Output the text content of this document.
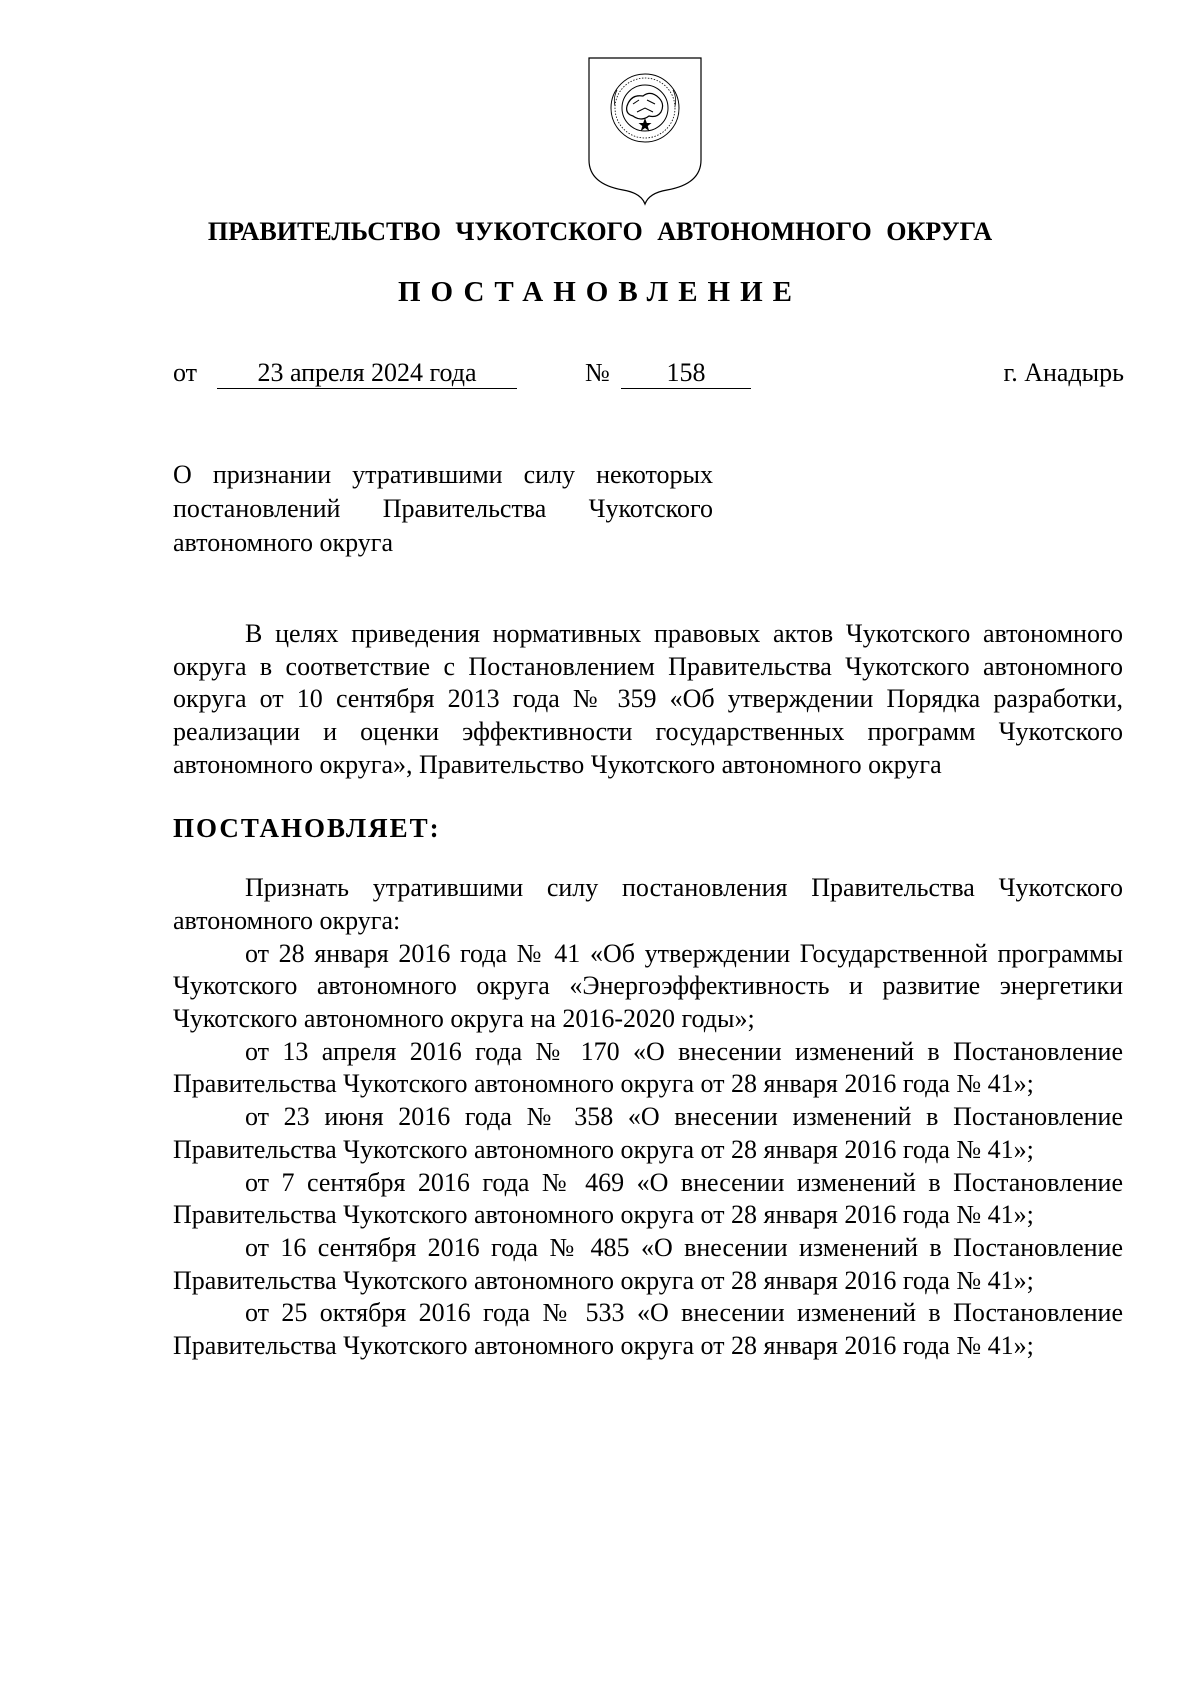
ПРАВИТЕЛЬСТВО ЧУКОТСКОГО АВТОНОМНОГО ОКРУГА
ПОСТАНОВЛЕНИЕ
от	23 апреля 2024 года	№	158	г. Анадырь
О признании утратившими силу некоторых
постановлений Правительства Чукотского
автономного округа

В целях приведения нормативных правовых актов Чукотского автономного округа в соответствие с Постановлением Правительства Чукотского автономного округа от 10 сентября 2013 года № 359 «Об утверждении Порядка разработки, реализации и оценки эффективности государственных программ Чукотского автономного округа», Правительство Чукотского автономного округа

ПОСТАНОВЛЯЕТ:

Признать утратившими силу постановления Правительства Чукотского автономного округа:

от 28 января 2016 года № 41 «Об утверждении Государственной программы Чукотского автономного округа «Энергоэффективность и развитие энергетики Чукотского автономного округа на 2016-2020 годы»;

от 13 апреля 2016 года № 170 «О внесении изменений в Постановление Правительства Чукотского автономного округа от 28 января 2016 года № 41»;

от 23 июня 2016 года № 358 «О внесении изменений в Постановление Правительства Чукотского автономного округа от 28 января 2016 года № 41»;

от 7 сентября 2016 года № 469 «О внесении изменений в Постановление Правительства Чукотского автономного округа от 28 января 2016 года № 41»;

от 16 сентября 2016 года № 485 «О внесении изменений в Постановление Правительства Чукотского автономного округа от 28 января 2016 года № 41»;

от 25 октября 2016 года № 533 «О внесении изменений в Постановление Правительства Чукотского автономного округа от 28 января 2016 года № 41»;
